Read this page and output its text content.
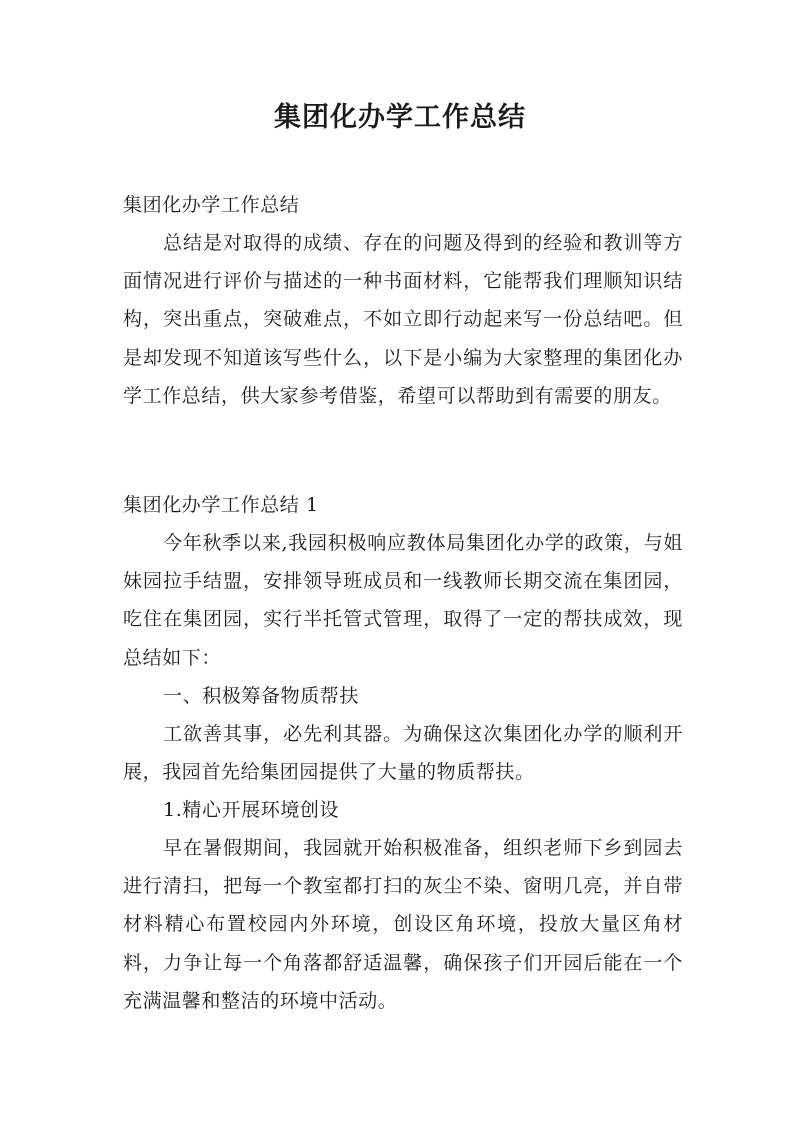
集团化办学工作总结

集团化办学工作总结

总结是对取得的成绩、存在的问题及得到的经验和教训等方面情况进行评价与描述的一种书面材料，它能帮我们理顺知识结构，突出重点，突破难点，不如立即行动起来写一份总结吧。但是却发现不知道该写些什么，以下是小编为大家整理的集团化办学工作总结，供大家参考借鉴，希望可以帮助到有需要的朋友。

集团化办学工作总结 1

今年秋季以来,我园积极响应教体局集团化办学的政策，与姐妹园拉手结盟，安排领导班成员和一线教师长期交流在集团园，吃住在集团园，实行半托管式管理，取得了一定的帮扶成效，现总结如下：

一、积极筹备物质帮扶

工欲善其事，必先利其器。为确保这次集团化办学的顺利开展，我园首先给集团园提供了大量的物质帮扶。

1.精心开展环境创设

早在暑假期间，我园就开始积极准备，组织老师下乡到园去进行清扫，把每一个教室都打扫的灰尘不染、窗明几亮，并自带材料精心布置校园内外环境，创设区角环境，投放大量区角材料，力争让每一个角落都舒适温馨，确保孩子们开园后能在一个充满温馨和整洁的环境中活动。
